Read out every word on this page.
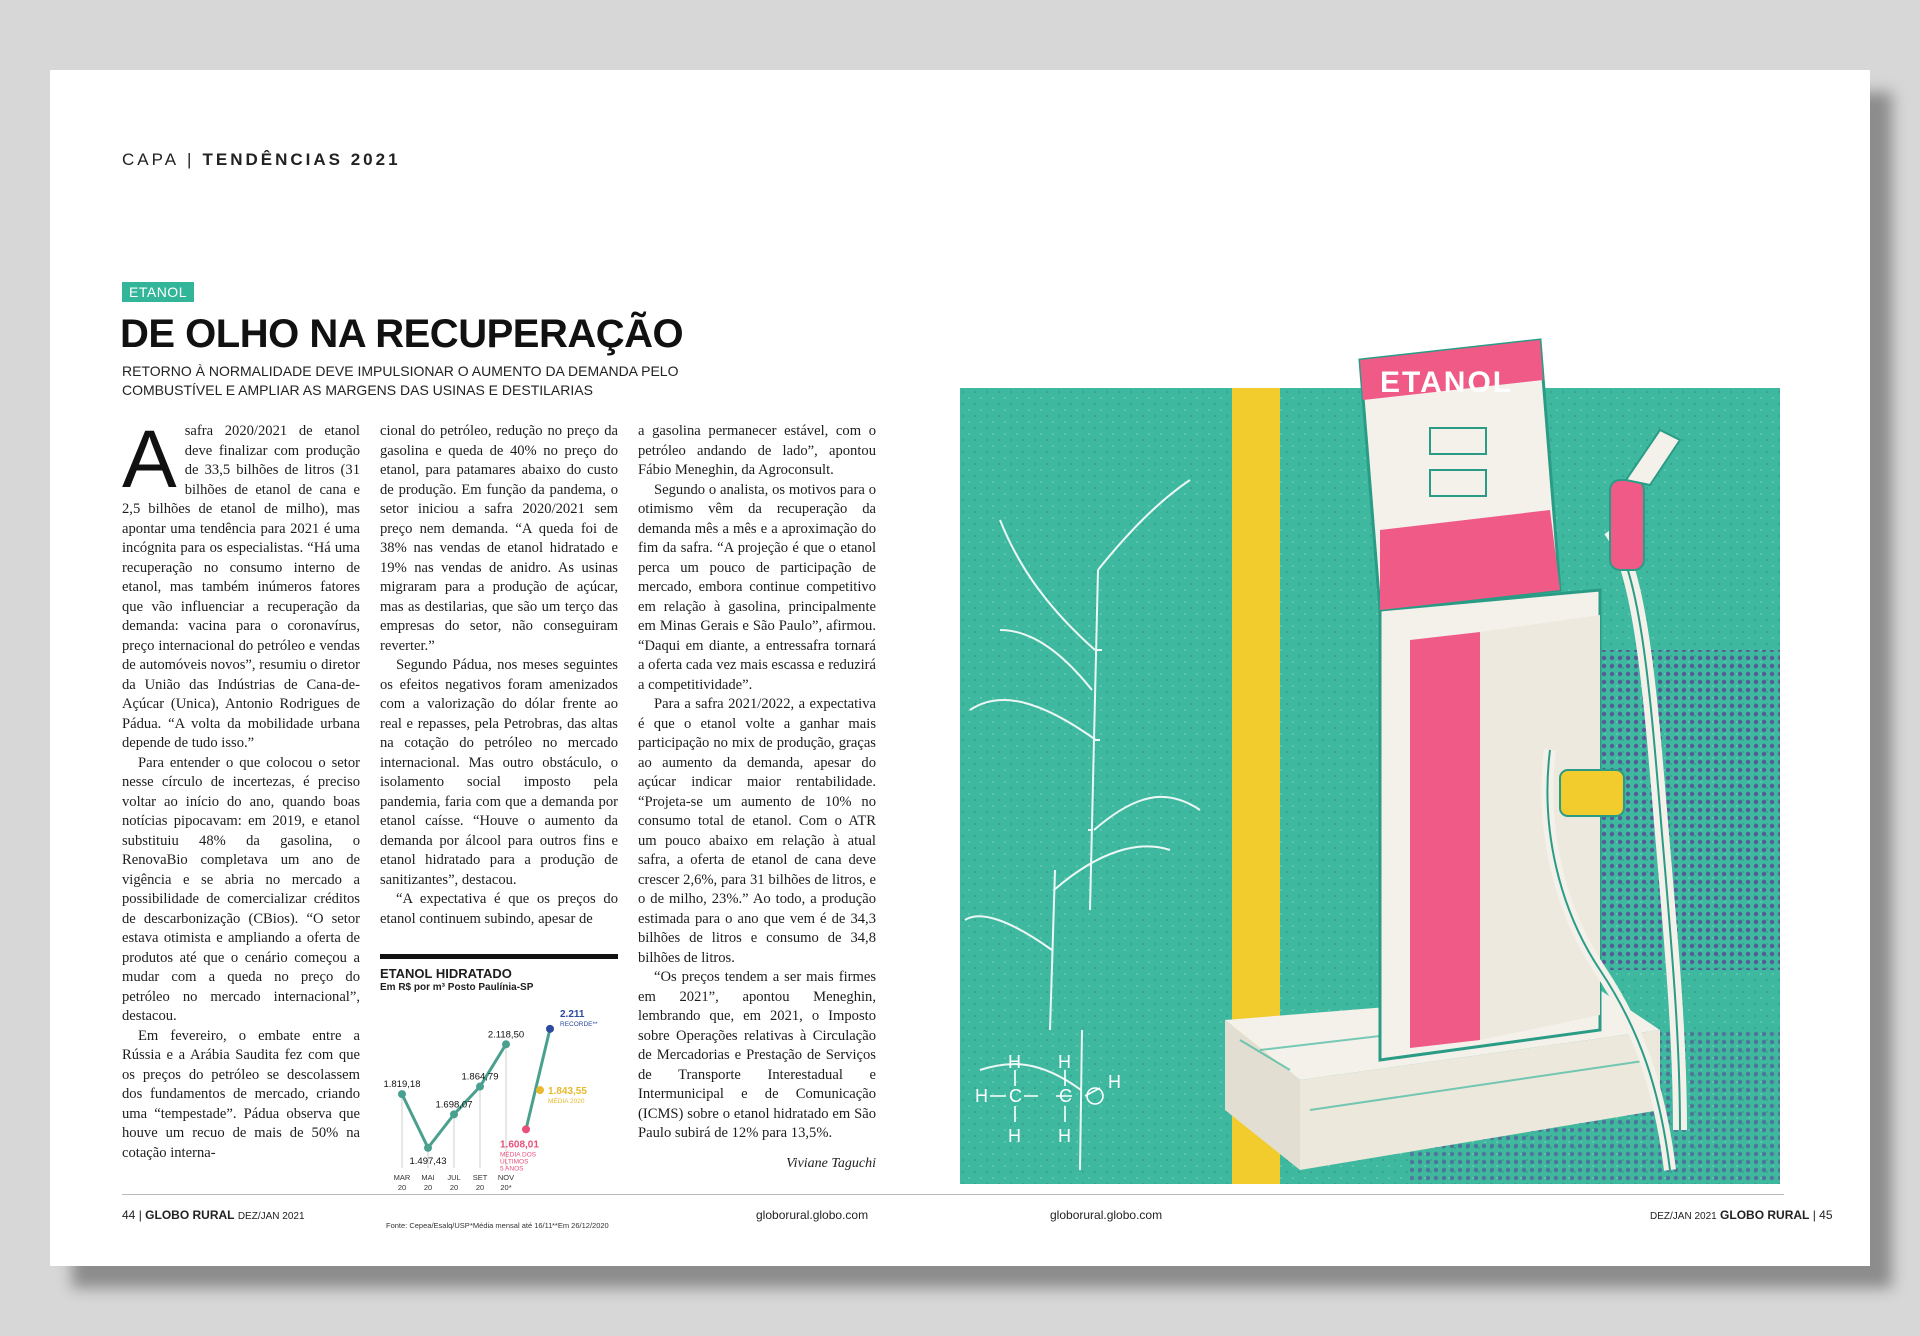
CAPA | TENDÊNCIAS 2021
ETANOL
DE OLHO NA RECUPERAÇÃO
RETORNO À NORMALIDADE DEVE IMPULSIONAR O AUMENTO DA DEMANDA PELO COMBUSTÍVEL E AMPLIAR AS MARGENS DAS USINAS E DESTILARIAS
A safra 2020/2021 de etanol deve finalizar com produção de 33,5 bilhões de litros (31 bilhões de etanol de cana e 2,5 bilhões de etanol de milho), mas apontar uma tendência para 2021 é uma incógnita para os especialistas. “Há uma recuperação no consumo interno de etanol, mas também inúmeros fatores que vão influenciar a recuperação da demanda: vacina para o coronavírus, preço internacional do petróleo e vendas de automóveis novos”, resumiu o diretor da União das Indústrias de Cana-de-Açúcar (Unica), Antonio Rodrigues de Pádua. “A volta da mobilidade urbana depende de tudo isso.”

Para entender o que colocou o setor nesse círculo de incertezas, é preciso voltar ao início do ano, quando boas notícias pipocavam: em 2019, e etanol substituiu 48% da gasolina, o RenovaBio completava um ano de vigência e se abria no mercado a possibilidade de comercializar créditos de descarbonização (CBios). “O setor estava otimista e ampliando a oferta de produtos até que o cenário começou a mudar com a queda no preço do petróleo no mercado internacional”, destacou.

Em fevereiro, o embate entre a Rússia e a Arábia Saudita fez com que os preços do petróleo se descolassem dos fundamentos de mercado, criando uma “tempestade”. Pádua observa que houve um recuo de mais de 50% na cotação interna-

cional do petróleo, redução no preço da gasolina e queda de 40% no preço do etanol, para patamares abaixo do custo de produção. Em função da pandema, o setor iniciou a safra 2020/2021 sem preço nem demanda. “A queda foi de 38% nas vendas de etanol hidratado e 19% nas vendas de anidro. As usinas migraram para a produção de açúcar, mas as destilarias, que são um terço das empresas do setor, não conseguiram reverter.”

Segundo Pádua, nos meses seguintes os efeitos negativos foram amenizados com a valorização do dólar frente ao real e repasses, pela Petrobras, das altas na cotação do petróleo no mercado internacional. Mas outro obstáculo, o isolamento social imposto pela pandemia, faria com que a demanda por etanol caísse. “Houve o aumento da demanda por álcool para outros fins e etanol hidratado para a produção de sanitizantes”, destacou.

“A expectativa é que os preços do etanol continuem subindo, apesar de

a gasolina permanecer estável, com o petróleo andando de lado”, apontou Fábio Meneghin, da Agroconsult.

Segundo o analista, os motivos para o otimismo vêm da recuperação da demanda mês a mês e a aproximação do fim da safra. “A projeção é que o etanol perca um pouco de participação de mercado, embora continue competitivo em relação à gasolina, principalmente em Minas Gerais e São Paulo”, afirmou. “Daqui em diante, a entressafra tornará a oferta cada vez mais escassa e reduzirá a competitividade”.

Para a safra 2021/2022, a expectativa é que o etanol volte a ganhar mais participação no mix de produção, graças ao aumento da demanda, apesar do açúcar indicar maior rentabilidade. “Projeta-se um aumento de 10% no consumo total de etanol. Com o ATR um pouco abaixo em relação à atual safra, a oferta de etanol de cana deve crescer 2,6%, para 31 bilhões de litros, e o de milho, 23%.” Ao todo, a produção estimada para o ano que vem é de 34,3 bilhões de litros e consumo de 34,8 bilhões de litros.

“Os preços tendem a ser mais firmes em 2021”, apontou Meneghin, lembrando que, em 2021, o Imposto sobre Operações relativas à Circulação de Mercadorias e Prestação de Serviços de Transporte Interestadual e Intermunicipal e de Comunicação (ICMS) sobre o etanol hidratado em São Paulo subirá de 12% para 13,5%.

Viviane Taguchi
ETANOL HIDRATADO
Em R$ por m³ Posto Paulínia-SP
1.819,18
1.497,43
1.698,07
1.864,79
2.118,50
MAR
20
MAI
20
JUL
20
SET
20
NOV
20*
2.211
RECORDE**
1.843,55
MÉDIA 2020
1.608,01
MÉDIA DOS
ÚLTIMOS
5 ANOS
Fonte: Cepea/Esalq/USP *Média mensal até 16/11 **Em 26/12/2020
H C C
H H
H H
H
ETANOL
44 | GLOBO RURAL DEZ/JAN 2021	globorural.globo.com	globorural.globo.com	DEZ/JAN 2021 GLOBO RURAL | 45
